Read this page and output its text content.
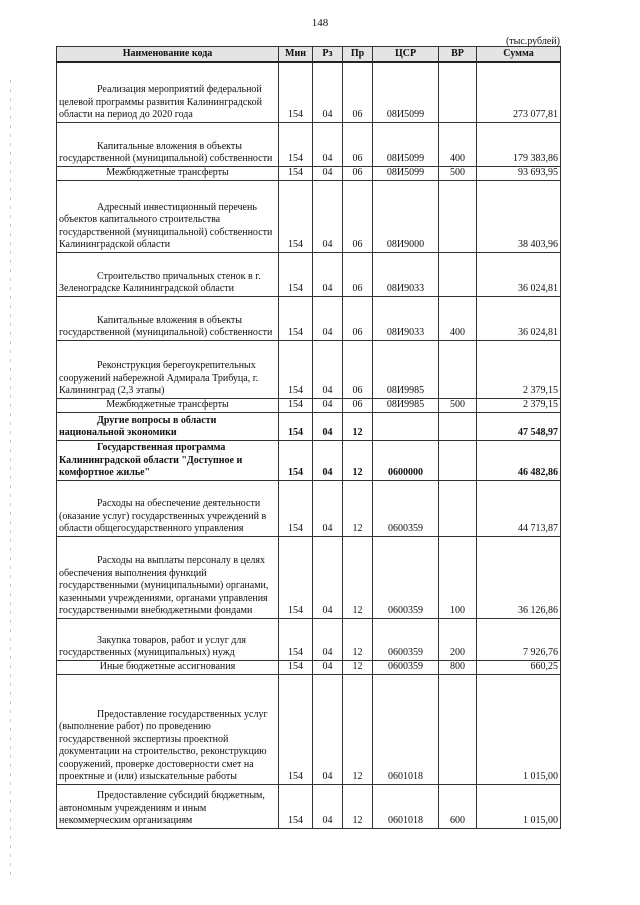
148
(тыс.рублей)
Наименование кода	Мин	Рз	Пр	ЦСР	ВР	Сумма
Реализация мероприятий федеральной целевой программы развития Калининградской области на период до 2020 года	154	04	06	08И5099		273 077,81
Капитальные вложения в объекты государственной (муниципальной) собственности	154	04	06	08И5099	400	179 383,86
Межбюджетные трансферты	154	04	06	08И5099	500	93 693,95
Адресный инвестиционный перечень объектов капитального строительства государственной (муниципальной) собственности Калининградской области	154	04	06	08И9000		38 403,96
Строительство причальных стенок в г. Зеленоградске Калининградской области	154	04	06	08И9033		36 024,81
Капитальные вложения в объекты государственной (муниципальной) собственности	154	04	06	08И9033	400	36 024,81
Реконструкция берегоукрепительных сооружений набережной Адмирала Трибуца, г. Калининград (2,3 этапы)	154	04	06	08И9985		2 379,15
Межбюджетные трансферты	154	04	06	08И9985	500	2 379,15
Другие вопросы в области национальной экономики	154	04	12			47 548,97
Государственная программа Калининградской области "Доступное и комфортное жилье"	154	04	12	0600000		46 482,86
Расходы на обеспечение деятельности (оказание услуг) государственных учреждений в области общегосударственного управления	154	04	12	0600359		44 713,87
Расходы на выплаты персоналу в целях обеспечения выполнения функций государственными (муниципальными) органами, казенными учреждениями, органами управления государственными внебюджетными фондами	154	04	12	0600359	100	36 126,86
Закупка товаров, работ и услуг для государственных (муниципальных) нужд	154	04	12	0600359	200	7 926,76
Иные бюджетные ассигнования	154	04	12	0600359	800	660,25
Предоставление государственных услуг (выполнение работ) по проведению государственной экспертизы проектной документации на строительство, реконструкцию сооружений, проверке достоверности смет на проектные и (или) изыскательные работы	154	04	12	0601018		1 015,00
Предоставление субсидий бюджетным, автономным учреждениям и иным некоммерческим организациям	154	04	12	0601018	600	1 015,00
